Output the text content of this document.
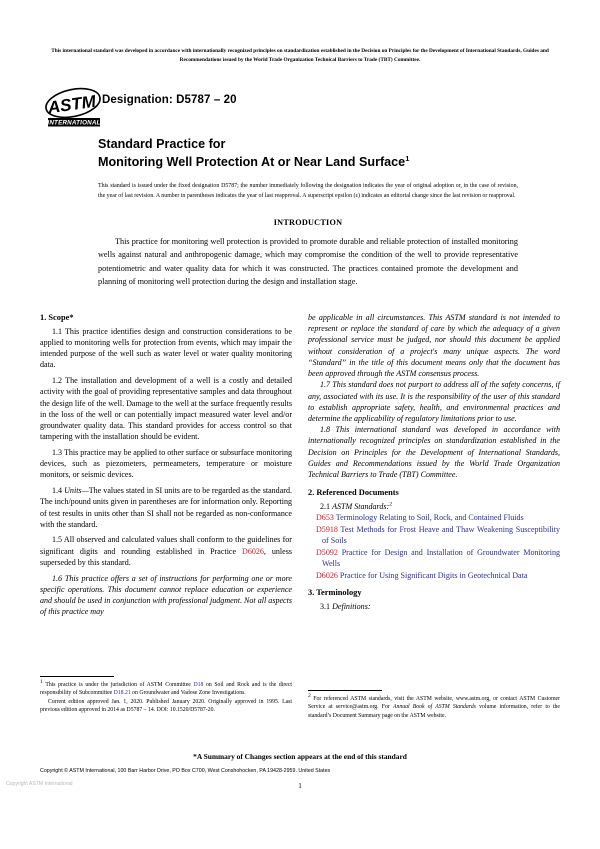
This international standard was developed in accordance with internationally recognized principles on standardization established in the Decision on Principles for the Development of International Standards, Guides and Recommendations issued by the World Trade Organization Technical Barriers to Trade (TBT) Committee.
ASTM
INTERNATIONAL
Designation: D5787 – 20
Standard Practice for
Monitoring Well Protection At or Near Land Surface$^1$
This standard is issued under the fixed designation D5787; the number immediately following the designation indicates the year of original adoption or, in the case of revision, the year of last revision. A number in parentheses indicates the year of last reapproval. A superscript epsilon (ε) indicates an editorial change since the last revision or reapproval.
INTRODUCTION
This practice for monitoring well protection is provided to promote durable and reliable protection of installed monitoring wells against natural and anthropogenic damage, which may compromise the condition of the well to provide representative potentiometric and water quality data for which it was constructed. The practices contained promote the development and planning of monitoring well protection during the design and installation stage.
1. Scope*

1.1 This practice identifies design and construction considerations to be applied to monitoring wells for protection from events, which may impair the intended purpose of the well such as water level or water quality monitoring data.

1.2 The installation and development of a well is a costly and detailed activity with the goal of providing representative samples and data throughout the design life of the well. Damage to the well at the surface frequently results in the loss of the well or can potentially impact measured water level and/or groundwater quality data. This standard provides for access control so that tampering with the installation should be evident.

1.3 This practice may be applied to other surface or subsurface monitoring devices, such as piezometers, permeameters, temperature or moisture monitors, or seismic devices.

1.4 Units—The values stated in SI units are to be regarded as the standard. The inch/pound units given in parentheses are for information only. Reporting of test results in units other than SI shall not be regarded as non-conformance with the standard.

1.5 All observed and calculated values shall conform to the guidelines for significant digits and rounding established in Practice D6026, unless superseded by this standard.

1.6 This practice offers a set of instructions for performing one or more specific operations. This document cannot replace education or experience and should be used in conjunction with professional judgment. Not all aspects of this practice may

be applicable in all circumstances. This ASTM standard is not intended to represent or replace the standard of care by which the adequacy of a given professional service must be judged, nor should this document be applied without consideration of a project's many unique aspects. The word “Standard” in the title of this document means only that the document has been approved through the ASTM consensus process.

1.7 This standard does not purport to address all of the safety concerns, if any, associated with its use. It is the responsibility of the user of this standard to establish appropriate safety, health, and environmental practices and determine the applicability of regulatory limitations prior to use.

1.8 This international standard was developed in accordance with internationally recognized principles on standardization established in the Decision on Principles for the Development of International Standards, Guides and Recommendations issued by the World Trade Organization Technical Barriers to Trade (TBT) Committee.

2. Referenced Documents

2.1 ASTM Standards:$^2$

D653 Terminology Relating to Soil, Rock, and Contained Fluids

D5918 Test Methods for Frost Heave and Thaw Weakening Susceptibility of Soils

D5092 Practice for Design and Installation of Groundwater Monitoring Wells

D6026 Practice for Using Significant Digits in Geotechnical Data

3. Terminology

3.1 Definitions:

$^1$ This practice is under the jurisdiction of ASTM Committee D18 on Soil and Rock and is the direct responsibility of Subcommittee D18.21 on Groundwater and Vadose Zone Investigations.

Current edition approved Jan. 1, 2020. Published January 2020. Originally approved in 1995. Last previous edition approved in 2014 as D5787 – 14. DOI: 10.1520/D5787-20.

$^2$ For referenced ASTM standards, visit the ASTM website, www.astm.org, or contact ASTM Customer Service at service@astm.org. For Annual Book of ASTM Standards volume information, refer to the standard’s Document Summary page on the ASTM website.

*A Summary of Changes section appears at the end of this standard
Copyright © ASTM International, 100 Barr Harbor Drive, PO Box C700, West Conshohocken, PA 19428-2959. United States
1
Copyright ASTM International
